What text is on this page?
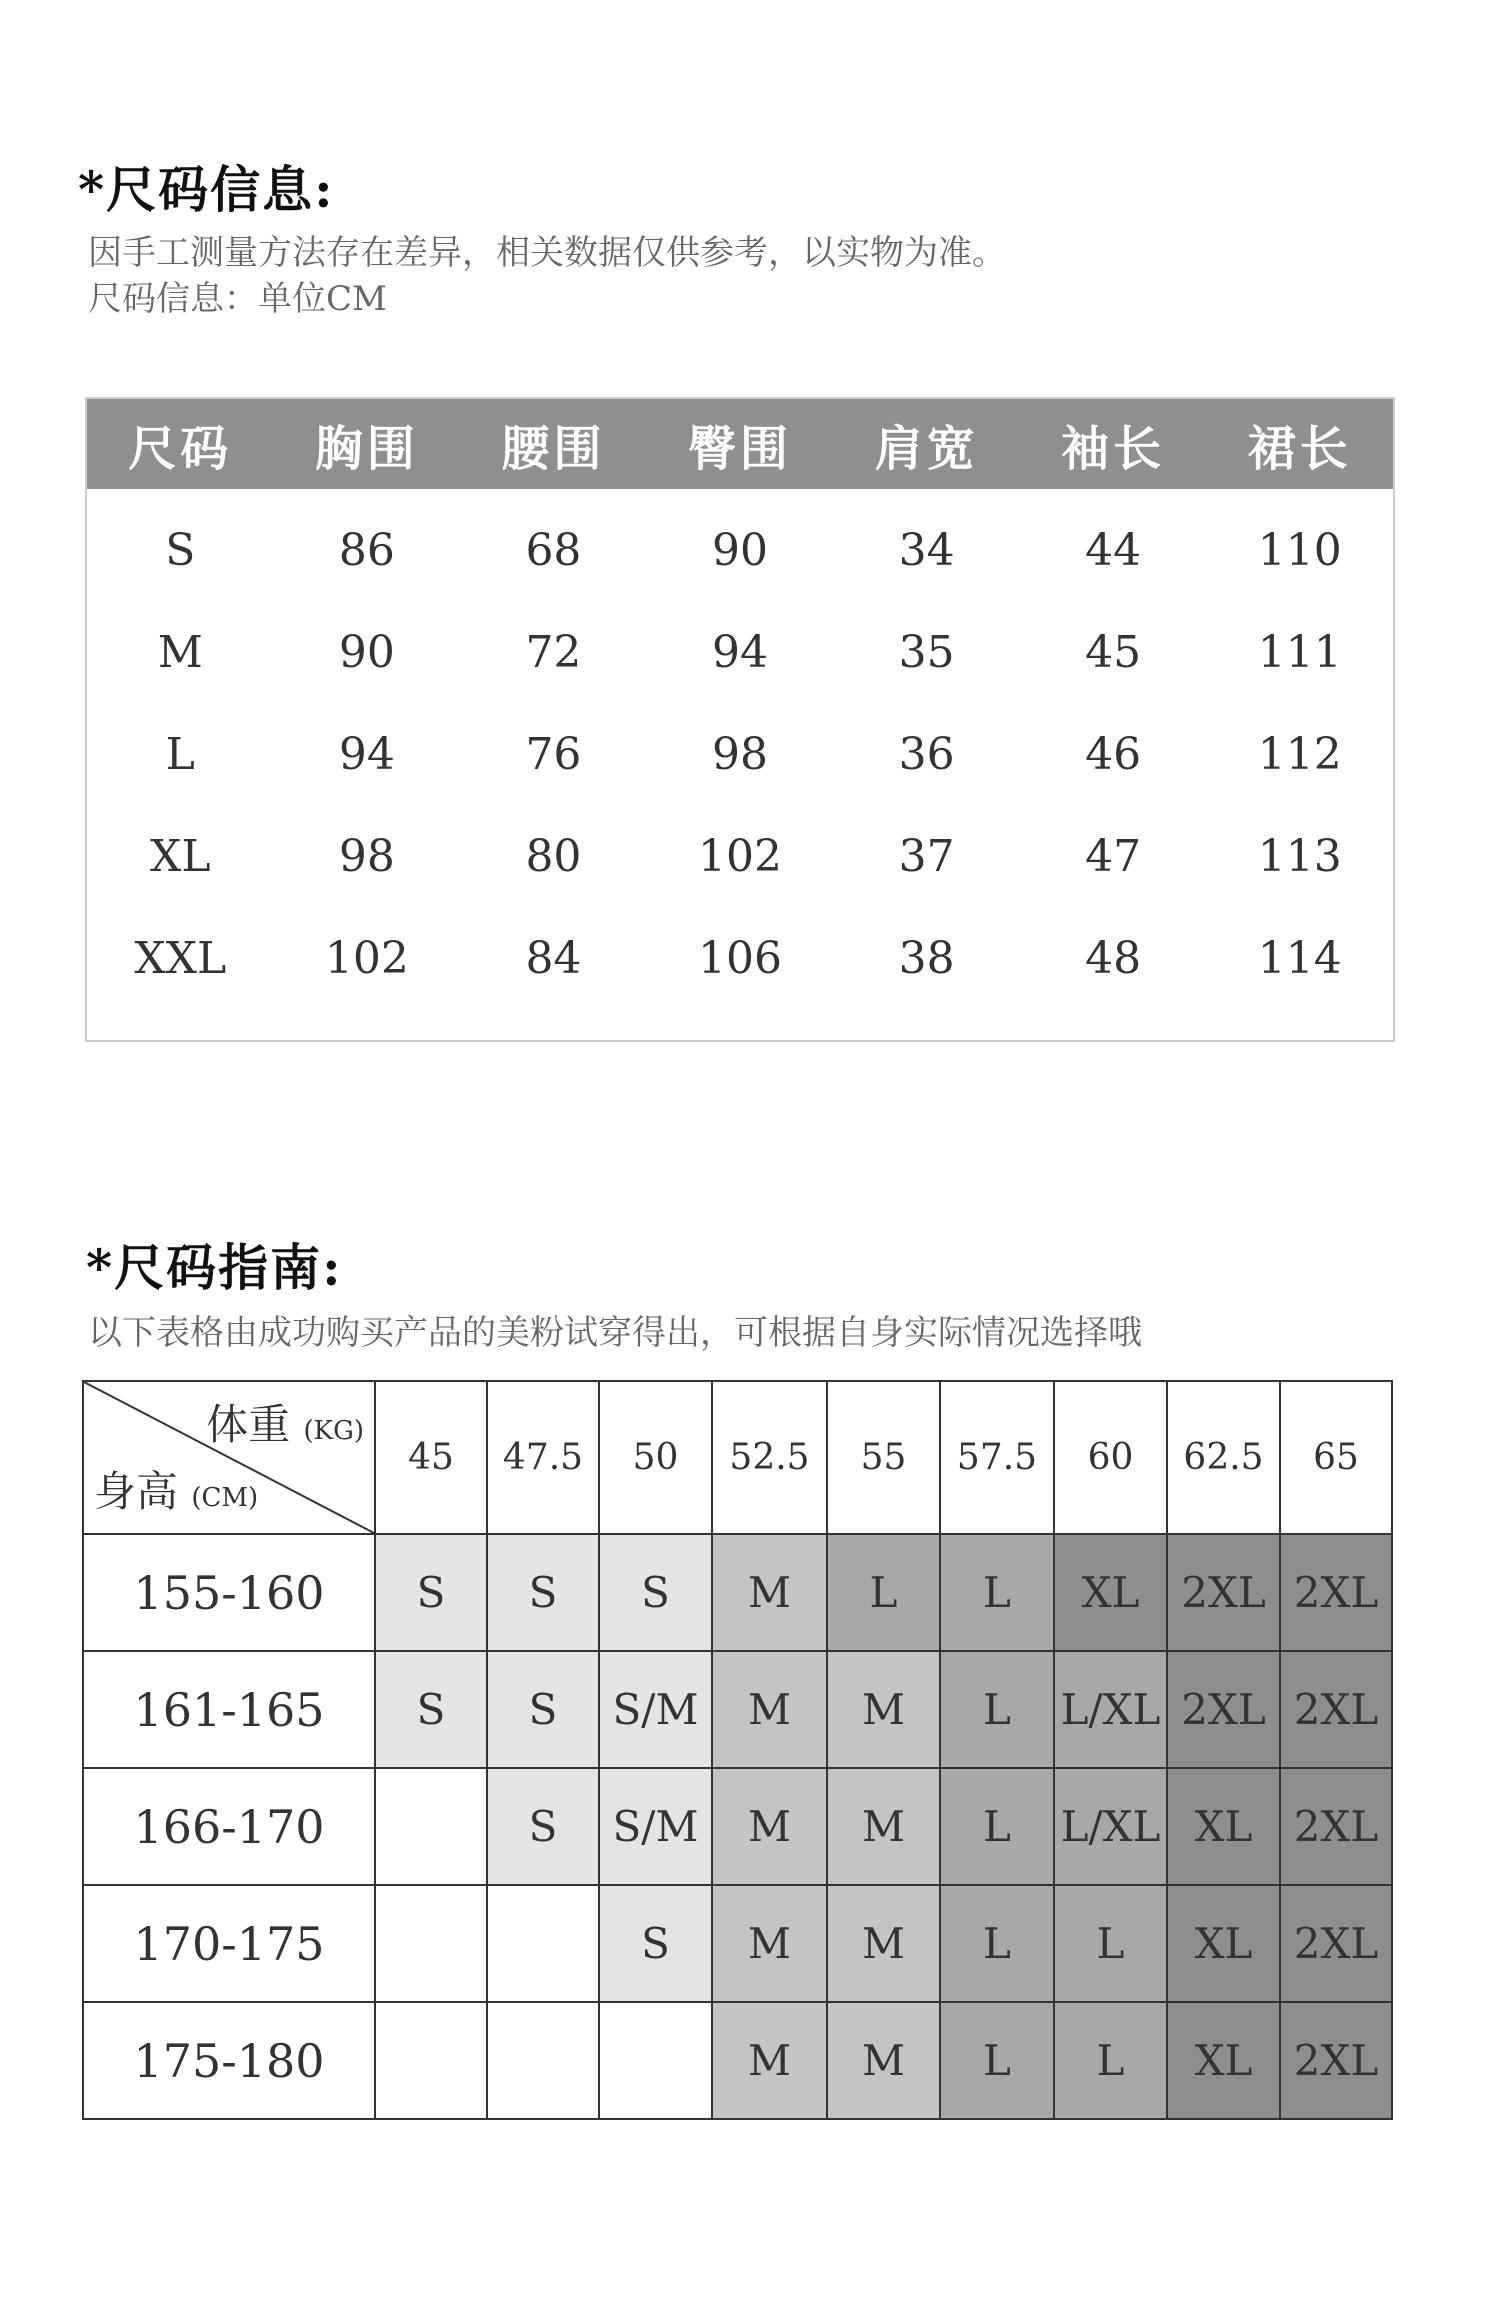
*尺码信息:
因手工测量方法存在差异，相关数据仅供参考，以实物为准。
尺码信息：单位CM
尺码	胸围	腰围	臀围	肩宽	袖长	裙长
S	86	68	90	34	44	110
M	90	72	94	35	45	111
L	94	76	98	36	46	112
XL	98	80	102	37	47	113
XXL	102	84	106	38	48	114
*尺码指南:
以下表格由成功购买产品的美粉试穿得出，可根据自身实际情况选择哦
体重 (KG)
身高 (CM)	45	47.5	50	52.5	55	57.5	60	62.5	65
155-160	S	S	S	M	L	L	XL	2XL	2XL
161-165	S	S	S/M	M	M	L	L/XL	2XL	2XL
166-170		S	S/M	M	M	L	L/XL	XL	2XL
170-175			S	M	M	L	L	XL	2XL
175-180				M	M	L	L	XL	2XL
